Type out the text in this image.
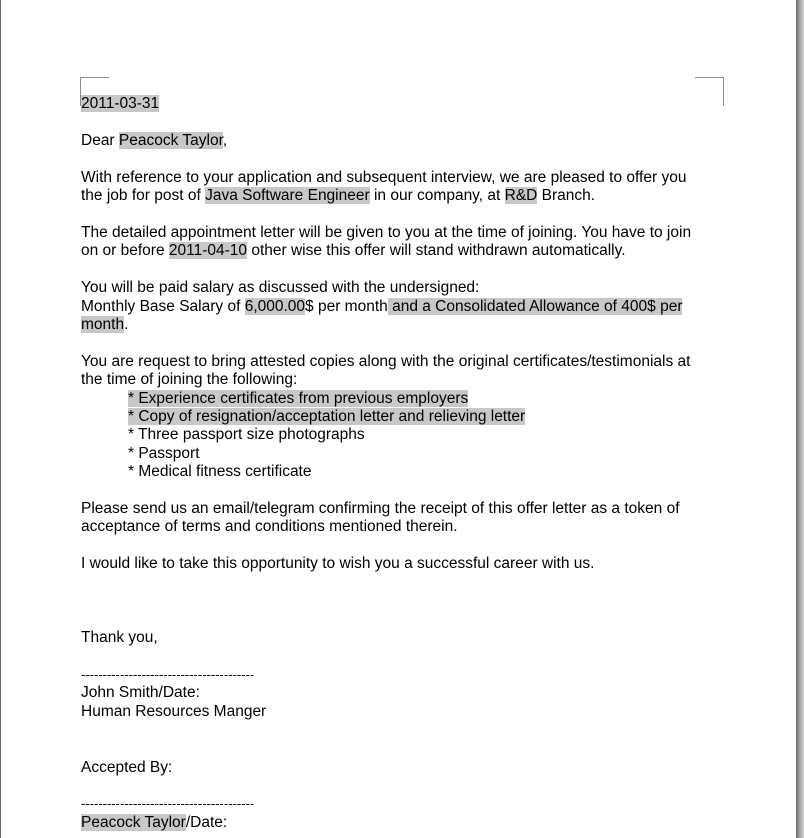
2011-03-31
Dear Peacock Taylor,
With reference to your application and subsequent interview, we are pleased to offer you
the job for post of Java Software Engineer in our company, at R&D Branch.
The detailed appointment letter will be given to you at the time of joining. You have to join
on or before 2011-04-10 other wise this offer will stand withdrawn automatically.
You will be paid salary as discussed with the undersigned:
Monthly Base Salary of 6,000.00$ per month and a Consolidated Allowance of 400$ per
month.
You are request to bring attested copies along with the original certificates/testimonials at
the time of joining the following:
* Experience certificates from previous employers
* Copy of resignation/acceptation letter and relieving letter
* Three passport size photographs
* Passport
* Medical fitness certificate
Please send us an email/telegram confirming the receipt of this offer letter as a token of
acceptance of terms and conditions mentioned therein.
I would like to take this opportunity to wish you a successful career with us.
Thank you,
----------------------------------------
John Smith/Date:
Human Resources Manger
Accepted By:
----------------------------------------
Peacock Taylor/Date:
